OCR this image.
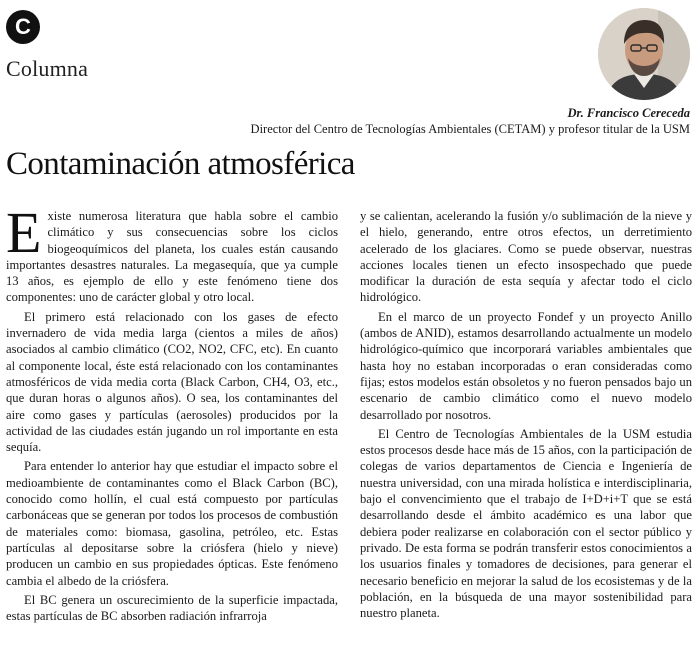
C
Columna
Dr. Francisco Cereceda
Director del Centro de Tecnologías Ambientales (CETAM) y profesor titular de la USM
Contaminación atmosférica

Existe numerosa literatura que habla sobre el cambio climático y sus consecuencias sobre los ciclos biogeoquímicos del planeta, los cuales están causando importantes desastres naturales. La megasequía, que ya cumple 13 años, es ejemplo de ello y este fenómeno tiene dos componentes: uno de carácter global y otro local.

El primero está relacionado con los gases de efecto invernadero de vida media larga (cientos a miles de años) asociados al cambio climático (CO2, NO2, CFC, etc). En cuanto al componente local, éste está relacionado con los contaminantes atmosféricos de vida media corta (Black Carbon, CH4, O3, etc., que duran horas o algunos años). O sea, los contaminantes del aire como gases y partículas (aerosoles) producidos por la actividad de las ciudades están jugando un rol importante en esta sequía.

Para entender lo anterior hay que estudiar el impacto sobre el medioambiente de contaminantes como el Black Carbon (BC), conocido como hollín, el cual está compuesto por partículas carbonáceas que se generan por todos los procesos de combustión de materiales como: biomasa, gasolina, petróleo, etc. Estas partículas al depositarse sobre la criósfera (hielo y nieve) producen un cambio en sus propiedades ópticas. Este fenómeno cambia el albedo de la criósfera.

El BC genera un oscurecimiento de la superficie impactada, estas partículas de BC absorben radiación infrarroja

y se calientan, acelerando la fusión y/o sublimación de la nieve y el hielo, generando, entre otros efectos, un derretimiento acelerado de los glaciares. Como se puede observar, nuestras acciones locales tienen un efecto insospechado que puede modificar la duración de esta sequía y afectar todo el ciclo hidrológico.

En el marco de un proyecto Fondef y un proyecto Anillo (ambos de ANID), estamos desarrollando actualmente un modelo hidrológico-químico que incorporará variables ambientales que hasta hoy no estaban incorporadas o eran consideradas como fijas; estos modelos están obsoletos y no fueron pensados bajo un escenario de cambio climático como el nuevo modelo desarrollado por nosotros.

El Centro de Tecnologías Ambientales de la USM estudia estos procesos desde hace más de 15 años, con la participación de colegas de varios departamentos de Ciencia e Ingeniería de nuestra universidad, con una mirada holística e interdisciplinaria, bajo el convencimiento que el trabajo de I+D+i+T que se está desarrollando desde el ámbito académico es una labor que debiera poder realizarse en colaboración con el sector público y privado. De esta forma se podrán transferir estos conocimientos a los usuarios finales y tomadores de decisiones, para generar el necesario beneficio en mejorar la salud de los ecosistemas y de la población, en la búsqueda de una mayor sostenibilidad para nuestro planeta.
